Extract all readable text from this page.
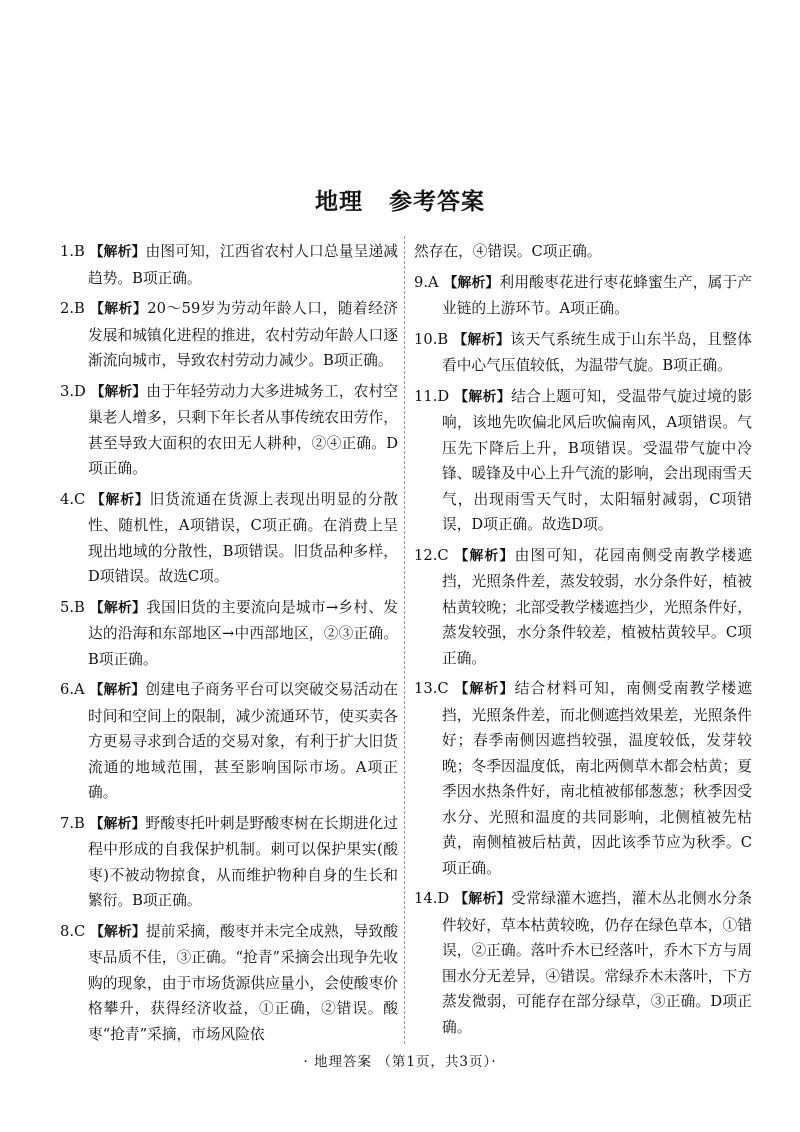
地理 参考答案
1.B 【解析】由图可知，江西省农村人口总量呈递减趋势。B项正确。
2.B 【解析】20～59岁为劳动年龄人口，随着经济发展和城镇化进程的推进，农村劳动年龄人口逐渐流向城市，导致农村劳动力减少。B项正确。
3.D 【解析】由于年轻劳动力大多进城务工，农村空巢老人增多，只剩下年长者从事传统农田劳作，甚至导致大面积的农田无人耕种，②④正确。D项正确。
4.C 【解析】旧货流通在货源上表现出明显的分散性、随机性，A项错误，C项正确。在消费上呈现出地域的分散性，B项错误。旧货品种多样，D项错误。故选C项。
5.B 【解析】我国旧货的主要流向是城市→乡村、发达的沿海和东部地区→中西部地区，②③正确。B项正确。
6.A 【解析】创建电子商务平台可以突破交易活动在时间和空间上的限制，减少流通环节，使买卖各方更易寻求到合适的交易对象，有利于扩大旧货流通的地域范围，甚至影响国际市场。A项正确。
7.B 【解析】野酸枣托叶刺是野酸枣树在长期进化过程中形成的自我保护机制。刺可以保护果实(酸枣)不被动物掠食，从而维护物种自身的生长和繁衍。B项正确。
8.C 【解析】提前采摘，酸枣并未完全成熟，导致酸枣品质不佳，③正确。“抢青”采摘会出现争先收购的现象，由于市场货源供应量小，会使酸枣价格攀升，获得经济收益，①正确，②错误。酸枣“抢青”采摘，市场风险依
然存在，④错误。C项正确。
9.A 【解析】利用酸枣花进行枣花蜂蜜生产，属于产业链的上游环节。A项正确。
10.B 【解析】该天气系统生成于山东半岛，且整体看中心气压值较低，为温带气旋。B项正确。
11.D 【解析】结合上题可知，受温带气旋过境的影响，该地先吹偏北风后吹偏南风，A项错误。气压先下降后上升，B项错误。受温带气旋中冷锋、暖锋及中心上升气流的影响，会出现雨雪天气，出现雨雪天气时，太阳辐射减弱，C项错误，D项正确。故选D项。
12.C 【解析】由图可知，花园南侧受南教学楼遮挡，光照条件差，蒸发较弱，水分条件好，植被枯黄较晚；北部受教学楼遮挡少，光照条件好，蒸发较强，水分条件较差，植被枯黄较早。C项正确。
13.C 【解析】结合材料可知，南侧受南教学楼遮挡，光照条件差，而北侧遮挡效果差，光照条件好；春季南侧因遮挡较强，温度较低，发芽较晚；冬季因温度低，南北两侧草木都会枯黄；夏季因水热条件好，南北植被郁郁葱葱；秋季因受水分、光照和温度的共同影响，北侧植被先枯黄，南侧植被后枯黄，因此该季节应为秋季。C项正确。
14.D 【解析】受常绿灌木遮挡，灌木丛北侧水分条件较好，草本枯黄较晚，仍存在绿色草本，①错误，②正确。落叶乔木已经落叶，乔木下方与周围水分无差异，④错误。常绿乔木未落叶，下方蒸发微弱，可能存在部分绿草，③正确。D项正确。
· 地理答案 （第1页，共3页）·
